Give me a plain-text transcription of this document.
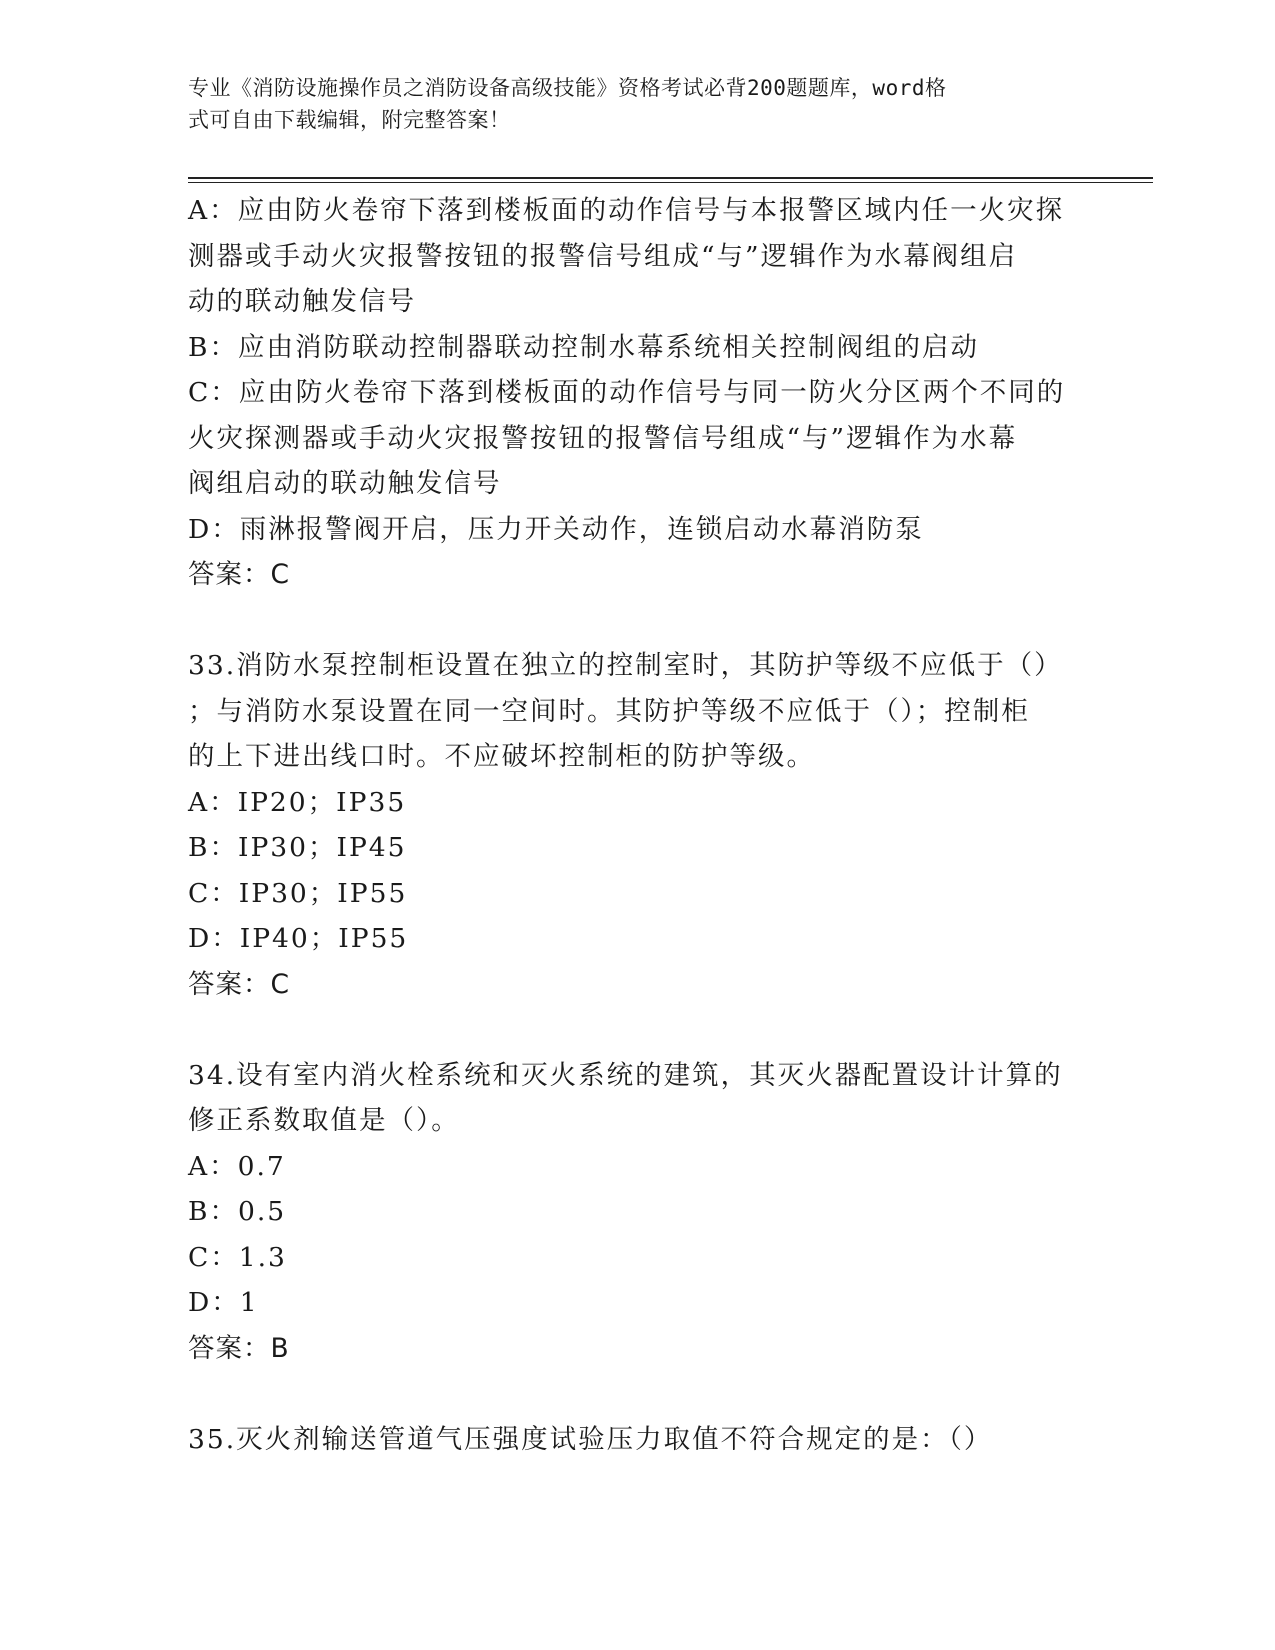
专业《消防设施操作员之消防设备高级技能》资格考试必背200题题库，word格
式可自由下载编辑，附完整答案！

A：应由防火卷帘下落到楼板面的动作信号与本报警区域内任一火灾探

测器或手动火灾报警按钮的报警信号组成“与”逻辑作为水幕阀组启

动的联动触发信号

B：应由消防联动控制器联动控制水幕系统相关控制阀组的启动

C：应由防火卷帘下落到楼板面的动作信号与同一防火分区两个不同的

火灾探测器或手动火灾报警按钮的报警信号组成“与”逻辑作为水幕

阀组启动的联动触发信号

D：雨淋报警阀开启，压力开关动作，连锁启动水幕消防泵

答案：C

33.消防水泵控制柜设置在独立的控制室时，其防护等级不应低于（）

；与消防水泵设置在同一空间时。其防护等级不应低于（）；控制柜

的上下进出线口时。不应破坏控制柜的防护等级。

A：IP20；IP35

B：IP30；IP45

C：IP30；IP55

D：IP40；IP55

答案：C

34.设有室内消火栓系统和灭火系统的建筑，其灭火器配置设计计算的

修正系数取值是（）。

A：0.7

B：0.5

C：1.3

D：1

答案：B

35.灭火剂输送管道气压强度试验压力取值不符合规定的是：（）
